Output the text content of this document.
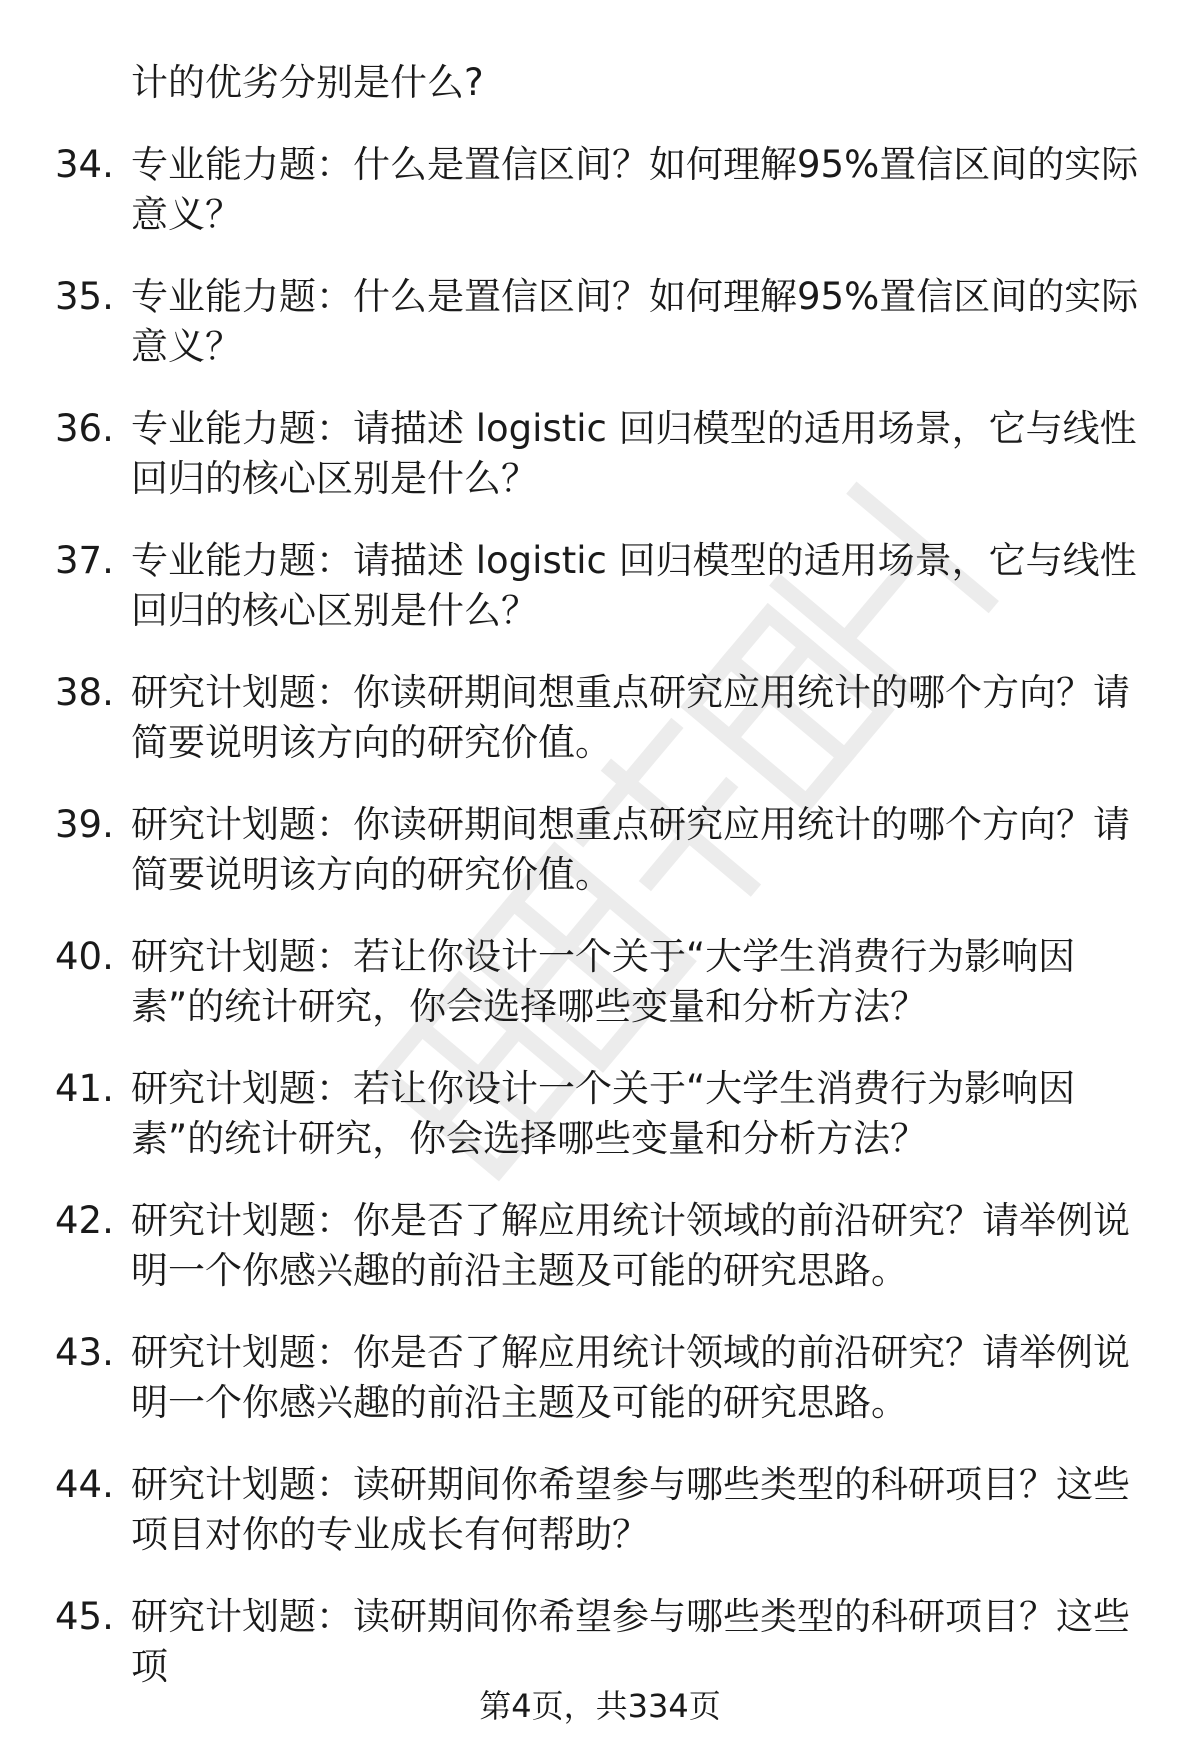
计的优劣分别是什么?

34. 专业能力题：什么是置信区间？如何理解95%置信区间的实际意义？

35. 专业能力题：什么是置信区间？如何理解95%置信区间的实际意义？

36. 专业能力题：请描述 logistic 回归模型的适用场景，它与线性回归的核心区别是什么？

37. 专业能力题：请描述 logistic 回归模型的适用场景，它与线性回归的核心区别是什么？

38. 研究计划题：你读研期间想重点研究应用统计的哪个方向？请简要说明该方向的研究价值。

39. 研究计划题：你读研期间想重点研究应用统计的哪个方向？请简要说明该方向的研究价值。

40. 研究计划题：若让你设计一个关于“大学生消费行为影响因素”的统计研究，你会选择哪些变量和分析方法？

41. 研究计划题：若让你设计一个关于“大学生消费行为影响因素”的统计研究，你会选择哪些变量和分析方法？

42. 研究计划题：你是否了解应用统计领域的前沿研究？请举例说明一个你感兴趣的前沿主题及可能的研究思路。

43. 研究计划题：你是否了解应用统计领域的前沿研究？请举例说明一个你感兴趣的前沿主题及可能的研究思路。

44. 研究计划题：读研期间你希望参与哪些类型的科研项目？这些项目对你的专业成长有何帮助？

45. 研究计划题：读研期间你希望参与哪些类型的科研项目？这些项

第4页，共334页
